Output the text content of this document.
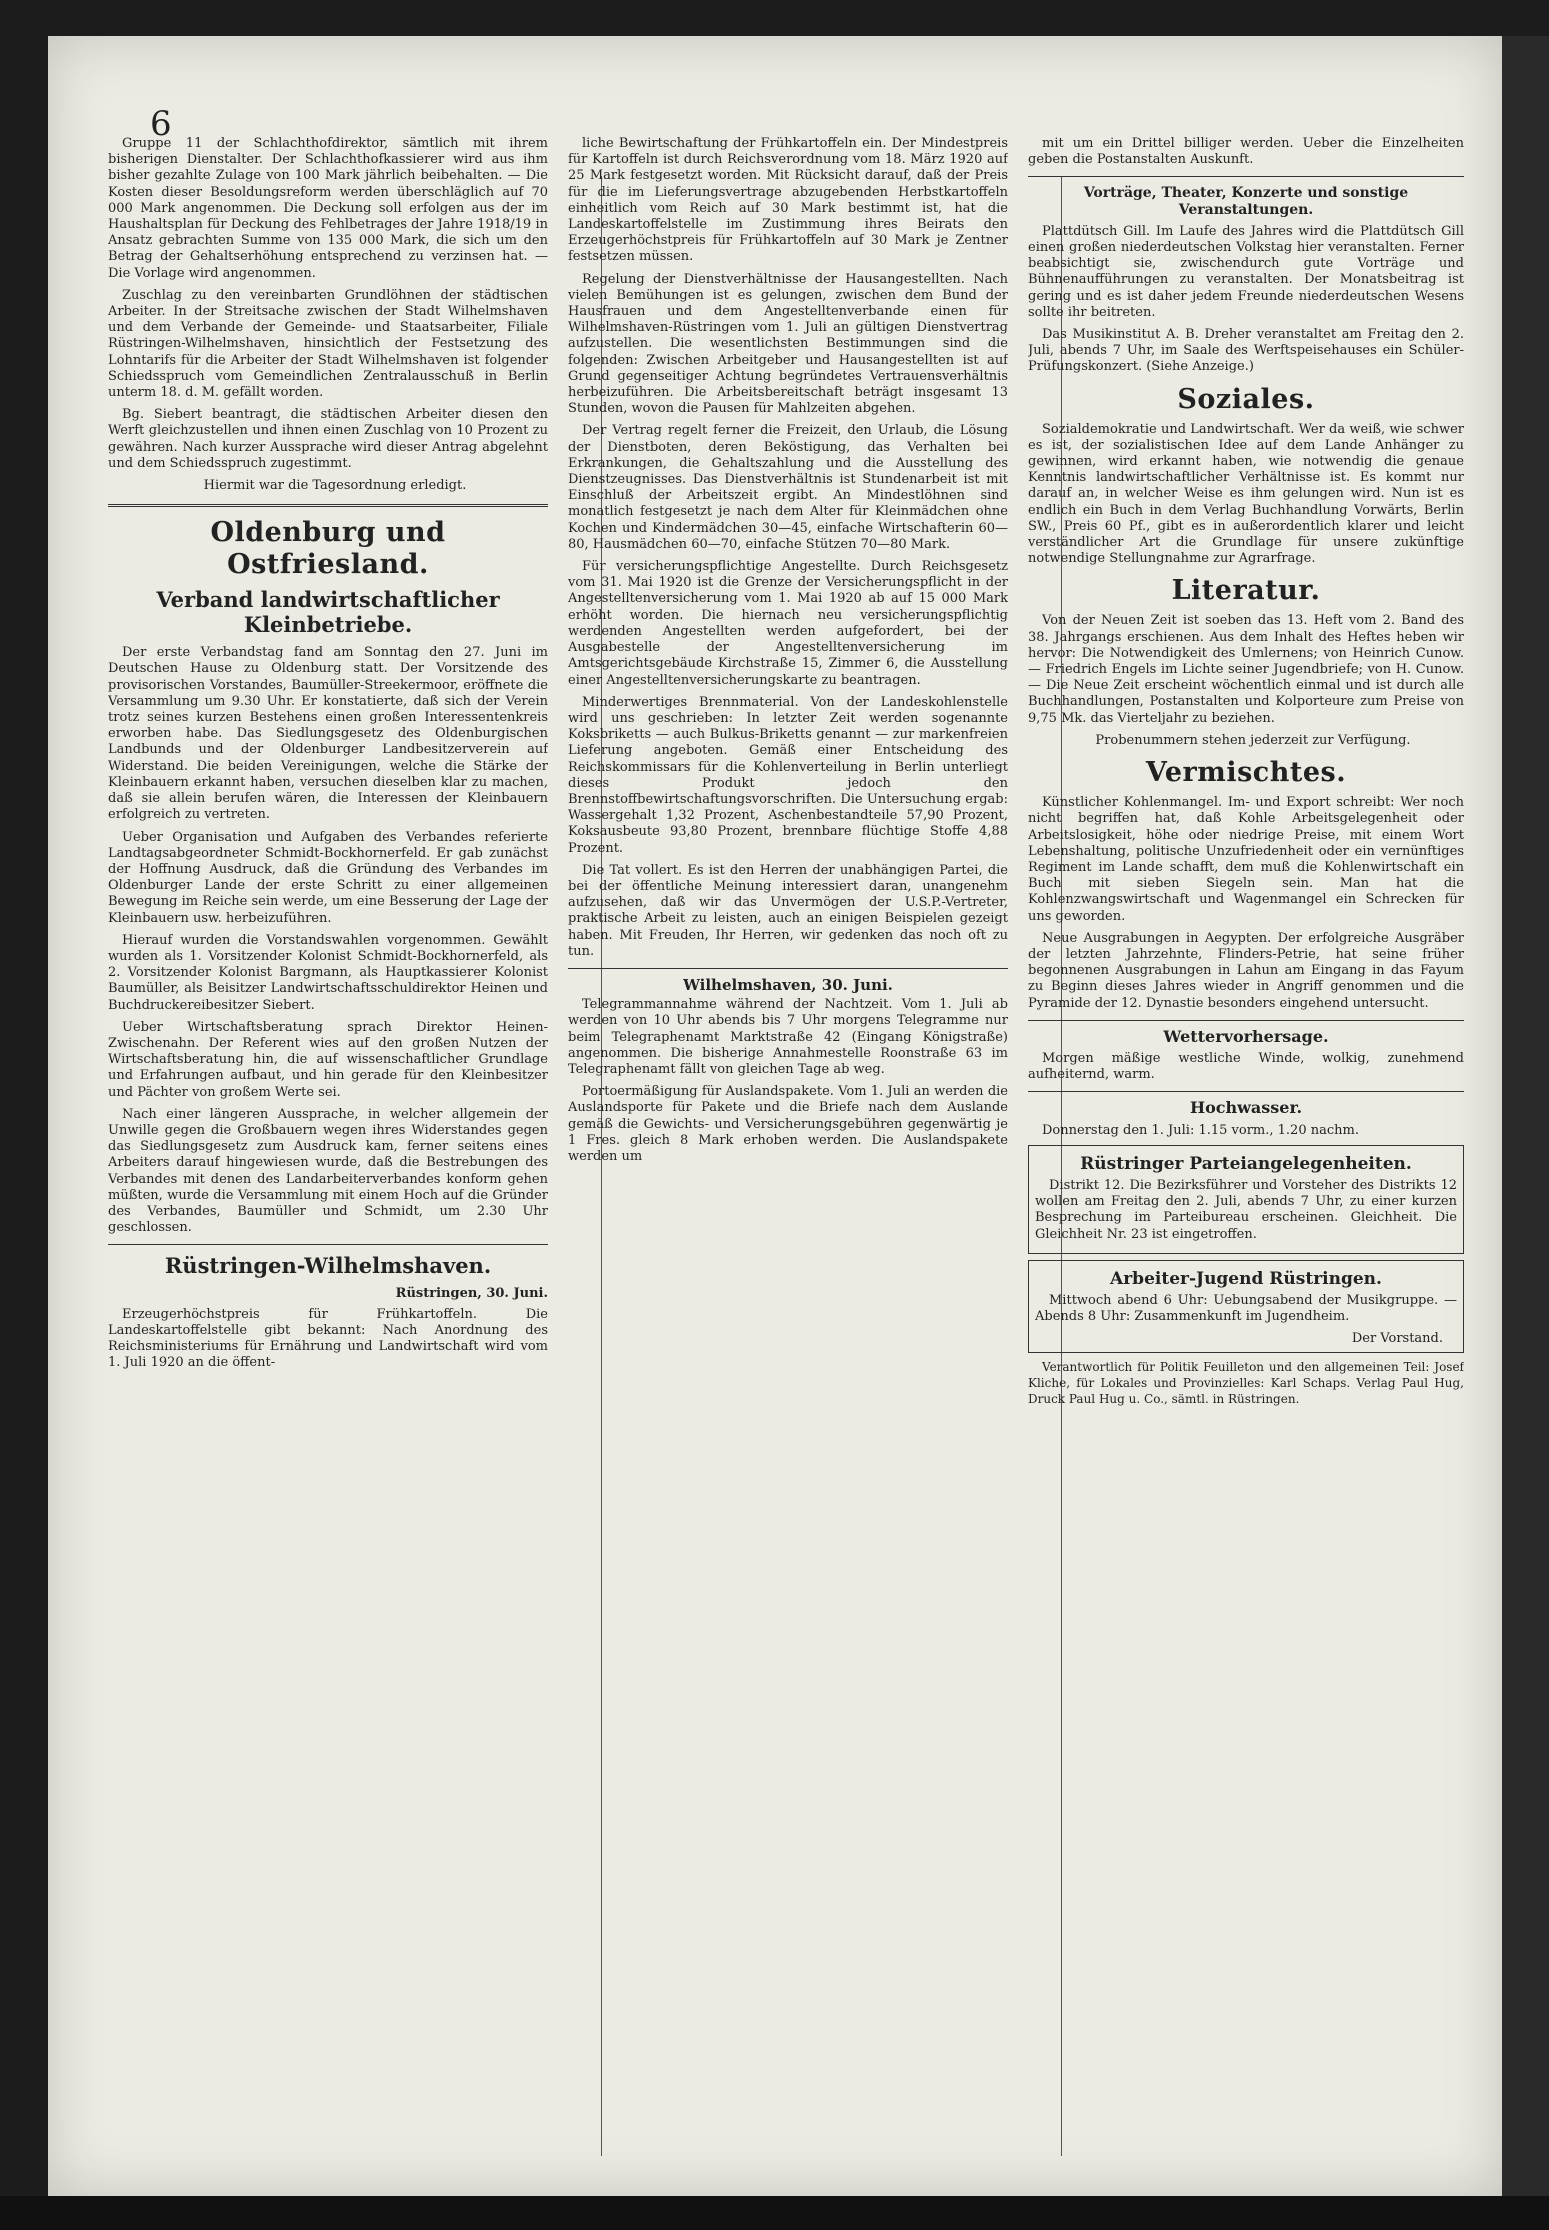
6

Gruppe 11 der Schlachthofdirektor, sämtlich mit ihrem bisherigen Dienstalter. Der Schlachthofkassierer wird aus ihm bisher gezahlte Zulage von 100 Mark jährlich beibehalten. — Die Kosten dieser Besoldungsreform werden überschläglich auf 70 000 Mark angenommen. Die Deckung soll erfolgen aus der im Haushaltsplan für Deckung des Fehlbetrages der Jahre 1918/19 in Ansatz gebrachten Summe von 135 000 Mark, die sich um den Betrag der Gehaltserhöhung entsprechend zu verzinsen hat. — Die Vorlage wird angenommen.

Zuschlag zu den vereinbarten Grundlöhnen der städtischen Arbeiter. In der Streitsache zwischen der Stadt Wilhelmshaven und dem Verbande der Gemeinde- und Staatsarbeiter, Filiale Rüstringen-Wilhelmshaven, hinsichtlich der Festsetzung des Lohntarifs für die Arbeiter der Stadt Wilhelmshaven ist folgender Schiedsspruch vom Gemeindlichen Zentralausschuß in Berlin unterm 18. d. M. gefällt worden.

Bg. Siebert beantragt, die städtischen Arbeiter diesen den Werft gleichzustellen und ihnen einen Zuschlag von 10 Prozent zu gewähren. Nach kurzer Aussprache wird dieser Antrag abgelehnt und dem Schiedsspruch zugestimmt.

Hiermit war die Tagesordnung erledigt.

Oldenburg und Ostfriesland.
Verband landwirtschaftlicher Kleinbetriebe.

Der erste Verbandstag fand am Sonntag den 27. Juni im Deutschen Hause zu Oldenburg statt. Der Vorsitzende des provisorischen Vorstandes, Baumüller-Streekermoor, eröffnete die Versammlung um 9.30 Uhr. Er konstatierte, daß sich der Verein trotz seines kurzen Bestehens einen großen Interessentenkreis erworben habe. Das Siedlungsgesetz des Oldenburgischen Landbunds und der Oldenburger Landbesitzerverein auf Widerstand. Die beiden Vereinigungen, welche die Stärke der Kleinbauern erkannt haben, versuchen dieselben klar zu machen, daß sie allein berufen wären, die Interessen der Kleinbauern erfolgreich zu vertreten.

Ueber Organisation und Aufgaben des Verbandes referierte Landtagsabgeordneter Schmidt-Bockhornerfeld. Er gab zunächst der Hoffnung Ausdruck, daß die Gründung des Verbandes im Oldenburger Lande der erste Schritt zu einer allgemeinen Bewegung im Reiche sein werde, um eine Besserung der Lage der Kleinbauern usw. herbeizuführen.

Hierauf wurden die Vorstandswahlen vorgenommen. Gewählt wurden als 1. Vorsitzender Kolonist Schmidt-Bockhornerfeld, als 2. Vorsitzender Kolonist Bargmann, als Hauptkassierer Kolonist Baumüller, als Beisitzer Landwirtschaftsschuldirektor Heinen und Buchdruckereibesitzer Siebert.

Ueber Wirtschaftsberatung sprach Direktor Heinen-Zwischenahn. Der Referent wies auf den großen Nutzen der Wirtschaftsberatung hin, die auf wissenschaftlicher Grundlage und Erfahrungen aufbaut, und hin gerade für den Kleinbesitzer und Pächter von großem Werte sei.

Nach einer längeren Aussprache, in welcher allgemein der Unwille gegen die Großbauern wegen ihres Widerstandes gegen das Siedlungsgesetz zum Ausdruck kam, ferner seitens eines Arbeiters darauf hingewiesen wurde, daß die Bestrebungen des Verbandes mit denen des Landarbeiterverbandes konform gehen müßten, wurde die Versammlung mit einem Hoch auf die Gründer des Verbandes, Baumüller und Schmidt, um 2.30 Uhr geschlossen.

Rüstringen-Wilhelmshaven.
Rüstringen, 30. Juni.

Erzeugerhöchstpreis für Frühkartoffeln. Die Landeskartoffelstelle gibt bekannt: Nach Anordnung des Reichsministeriums für Ernährung und Landwirtschaft wird vom 1. Juli 1920 an die öffent-

liche Bewirtschaftung der Frühkartoffeln ein. Der Mindestpreis für Kartoffeln ist durch Reichsverordnung vom 18. März 1920 auf 25 Mark festgesetzt worden. Mit Rücksicht darauf, daß der Preis für die im Lieferungsvertrage abzugebenden Herbstkartoffeln einheitlich vom Reich auf 30 Mark bestimmt ist, hat die Landeskartoffelstelle im Zustimmung ihres Beirats den Erzeugerhöchstpreis für Frühkartoffeln auf 30 Mark je Zentner festsetzen müssen.

Regelung der Dienstverhältnisse der Hausangestellten. Nach vielen Bemühungen ist es gelungen, zwischen dem Bund der Hausfrauen und dem Angestelltenverbande einen für Wilhelmshaven-Rüstringen vom 1. Juli an gültigen Dienstvertrag aufzustellen. Die wesentlichsten Bestimmungen sind die folgenden: Zwischen Arbeitgeber und Hausangestellten ist auf Grund gegenseitiger Achtung begründetes Vertrauensverhältnis herbeizuführen. Die Arbeitsbereitschaft beträgt insgesamt 13 Stunden, wovon die Pausen für Mahlzeiten abgehen.

Der Vertrag regelt ferner die Freizeit, den Urlaub, die Lösung der Dienstboten, deren Beköstigung, das Verhalten bei Erkrankungen, die Gehaltszahlung und die Ausstellung des Dienstzeugnisses. Das Dienstverhältnis ist Stundenarbeit ist mit Einschluß der Arbeitszeit ergibt. An Mindestlöhnen sind monatlich festgesetzt je nach dem Alter für Kleinmädchen ohne Kochen und Kindermädchen 30—45, einfache Wirtschafterin 60—80, Hausmädchen 60—70, einfache Stützen 70—80 Mark.

Für versicherungspflichtige Angestellte. Durch Reichsgesetz vom 31. Mai 1920 ist die Grenze der Versicherungspflicht in der Angestelltenversicherung vom 1. Mai 1920 ab auf 15 000 Mark erhöht worden. Die hiernach neu versicherungspflichtig werdenden Angestellten werden aufgefordert, bei der Ausgabestelle der Angestelltenversicherung im Amtsgerichtsgebäude Kirchstraße 15, Zimmer 6, die Ausstellung einer Angestelltenversicherungskarte zu beantragen.

Minderwertiges Brennmaterial. Von der Landeskohlenstelle wird uns geschrieben: In letzter Zeit werden sogenannte Koksbriketts — auch Bulkus-Briketts genannt — zur markenfreien Lieferung angeboten. Gemäß einer Entscheidung des Reichskommissars für die Kohlenverteilung in Berlin unterliegt dieses Produkt jedoch den Brennstoffbewirtschaftungsvorschriften. Die Untersuchung ergab: Wassergehalt 1,32 Prozent, Aschenbestandteile 57,90 Prozent, Koksausbeute 93,80 Prozent, brennbare flüchtige Stoffe 4,88 Prozent.

Die Tat vollert. Es ist den Herren der unabhängigen Partei, die bei der öffentliche Meinung interessiert daran, unangenehm aufzusehen, daß wir das Unvermögen der U.S.P.-Vertreter, praktische Arbeit zu leisten, auch an einigen Beispielen gezeigt haben. Mit Freuden, Ihr Herren, wir gedenken das noch oft zu tun.

Wilhelmshaven, 30. Juni.

Telegrammannahme während der Nachtzeit. Vom 1. Juli ab werden von 10 Uhr abends bis 7 Uhr morgens Telegramme nur beim Telegraphenamt Marktstraße 42 (Eingang Königstraße) angenommen. Die bisherige Annahmestelle Roonstraße 63 im Telegraphenamt fällt von gleichen Tage ab weg.

Portoermäßigung für Auslandspakete. Vom 1. Juli an werden die Auslandsporte für Pakete und die Briefe nach dem Auslande gemäß die Gewichts- und Versicherungsgebühren gegenwärtig je 1 Fres. gleich 8 Mark erhoben werden. Die Auslandspakete werden um

mit um ein Drittel billiger werden. Ueber die Einzelheiten geben die Postanstalten Auskunft.

Vorträge, Theater, Konzerte und sonstige Veranstaltungen.

Plattdütsch Gill. Im Laufe des Jahres wird die Plattdütsch Gill einen großen niederdeutschen Volkstag hier veranstalten. Ferner beabsichtigt sie, zwischendurch gute Vorträge und Bühnenaufführungen zu veranstalten. Der Monatsbeitrag ist gering und es ist daher jedem Freunde niederdeutschen Wesens sollte ihr beitreten.

Das Musikinstitut A. B. Dreher veranstaltet am Freitag den 2. Juli, abends 7 Uhr, im Saale des Werftspeisehauses ein Schüler-Prüfungskonzert. (Siehe Anzeige.)

Soziales.

Sozialdemokratie und Landwirtschaft. Wer da weiß, wie schwer es ist, der sozialistischen Idee auf dem Lande Anhänger zu gewinnen, wird erkannt haben, wie notwendig die genaue Kenntnis landwirtschaftlicher Verhältnisse ist. Es kommt nur darauf an, in welcher Weise es ihm gelungen wird. Nun ist es endlich ein Buch in dem Verlag Buchhandlung Vorwärts, Berlin SW., Preis 60 Pf., gibt es in außerordentlich klarer und leicht verständlicher Art die Grundlage für unsere zukünftige notwendige Stellungnahme zur Agrarfrage.

Literatur.

Von der Neuen Zeit ist soeben das 13. Heft vom 2. Band des 38. Jahrgangs erschienen. Aus dem Inhalt des Heftes heben wir hervor: Die Notwendigkeit des Umlernens; von Heinrich Cunow. — Friedrich Engels im Lichte seiner Jugendbriefe; von H. Cunow. — Die Neue Zeit erscheint wöchentlich einmal und ist durch alle Buchhandlungen, Postanstalten und Kolporteure zum Preise von 9,75 Mk. das Vierteljahr zu beziehen.

Probenummern stehen jederzeit zur Verfügung.

Vermischtes.

Künstlicher Kohlenmangel. Im- und Export schreibt: Wer noch nicht begriffen hat, daß Kohle Arbeitsgelegenheit oder Arbeitslosigkeit, höhe oder niedrige Preise, mit einem Wort Lebenshaltung, politische Unzufriedenheit oder ein vernünftiges Regiment im Lande schafft, dem muß die Kohlenwirtschaft ein Buch mit sieben Siegeln sein. Man hat die Kohlenzwangswirtschaft und Wagenmangel ein Schrecken für uns geworden.

Neue Ausgrabungen in Aegypten. Der erfolgreiche Ausgräber der letzten Jahrzehnte, Flinders-Petrie, hat seine früher begonnenen Ausgrabungen in Lahun am Eingang in das Fayum zu Beginn dieses Jahres wieder in Angriff genommen und die Pyramide der 12. Dynastie besonders eingehend untersucht.

Wettervorhersage.

Morgen mäßige westliche Winde, wolkig, zunehmend aufheiternd, warm.

Hochwasser.

Donnerstag den 1. Juli: 1.15 vorm., 1.20 nachm.

Rüstringer Parteiangelegenheiten.

Distrikt 12. Die Bezirksführer und Vorsteher des Distrikts 12 wollen am Freitag den 2. Juli, abends 7 Uhr, zu einer kurzen Besprechung im Parteibureau erscheinen. Gleichheit. Die Gleichheit Nr. 23 ist eingetroffen.

Arbeiter-Jugend Rüstringen.

Mittwoch abend 6 Uhr: Uebungsabend der Musikgruppe. — Abends 8 Uhr: Zusammenkunft im Jugendheim.

Der Vorstand.

Verantwortlich für Politik Feuilleton und den allgemeinen Teil: Josef Kliche, für Lokales und Provinzielles: Karl Schaps. Verlag Paul Hug, Druck Paul Hug u. Co., sämtl. in Rüstringen.
